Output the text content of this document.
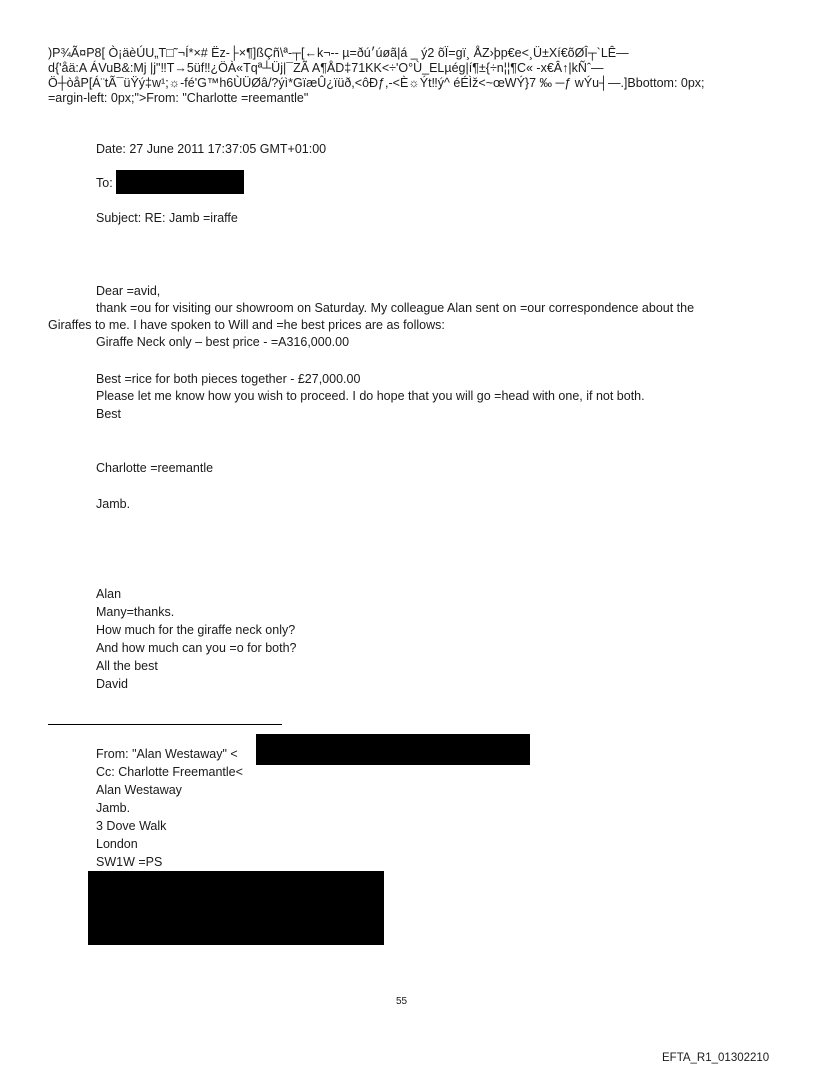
)P¾Ã¤P8[ Ò¡äèÚU„T□˜¬Í*×# Ëz-├×¶]ßÇñ\ª-┬[←k¬-- µ=ðú׳úøã|á _ ý2 õÏ=gï¸ ÅZ›þp€e<¸Ü±Xí€õØÎ┬`LÊ—
d{'åä:A ÁVuB&:Mj |j"‼T→5üf‼¿ÖÀ«Tqª┴Üj|¯ZÃ A¶ÅD‡71KK<÷'O°Ù_ELµég|í¶±{÷n¦¦¶C« -x€Â↑|kÑˆ—
Ö┼òåP[Á¨tÃ¯üŸý‡w¹;☼-fé'G™h6ÙÜØâ/?ýì*GïæÛ¿ïüð,<ôÐƒ,-<È☼Ýt‼ý^ éÉÌž<~œWÝ}7 ‰ ─ƒ wÝu┤—.]Bbottom: 0px;
=argin-left: 0px;">From: "Charlotte =reemantle"
Date: 27 June 2011 17:37:05 GMT+01:00
To:
Subject: RE: Jamb =iraffe
Dear =avid,
thank =ou for visiting our showroom on Saturday. My colleague Alan sent on =our correspondence about the
Giraffes to me. I have spoken to Will and =he best prices are as follows:
Giraffe Neck only – best price - =A316,000.00
Best =rice for both pieces together - £27,000.00
Please let me know how you wish to proceed. I do hope that you will go =head with one, if not both.
Best
Charlotte =reemantle
Jamb.
Alan
Many=thanks.
How much for the giraffe neck only?
And how much can you =o for both?
All the best
David
From: "Alan Westaway" <
Cc: Charlotte Freemantle<
Alan Westaway
Jamb.
3 Dove Walk
London
SW1W =PS
55
EFTA_R1_01302210
